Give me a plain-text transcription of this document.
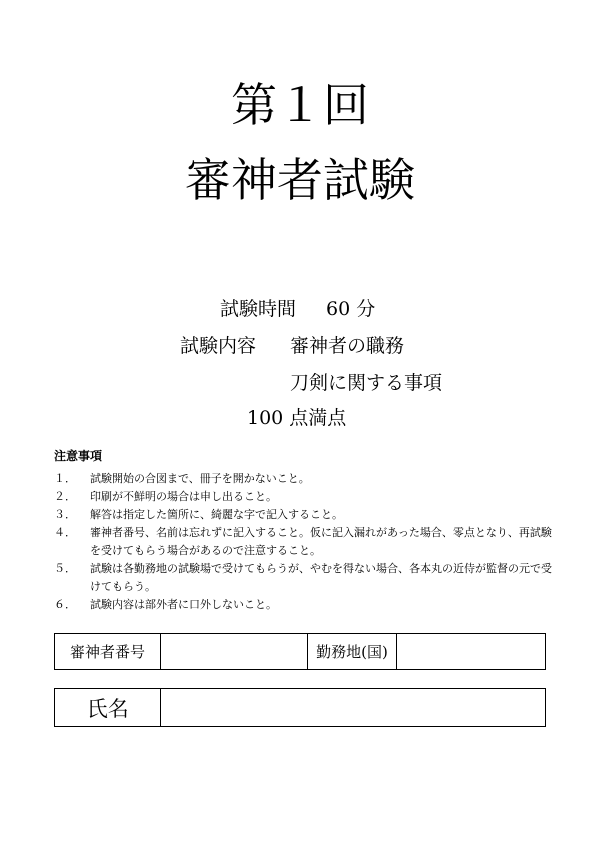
第１回
審神者試験
試験時間 60 分
試験内容 審神者の職務
刀剣に関する事項
100 点満点
注意事項
１．	試験開始の合図まで、冊子を開かないこと。
２．	印刷が不鮮明の場合は申し出ること。
３．	解答は指定した箇所に、綺麗な字で記入すること。
４．	審神者番号、名前は忘れずに記入すること。仮に記入漏れがあった場合、零点となり、再試験を受けてもらう場合があるので注意すること。
５．	試験は各勤務地の試験場で受けてもらうが、やむを得ない場合、各本丸の近侍が監督の元で受けてもらう。
６．	試験内容は部外者に口外しないこと。
審神者番号		勤務地(国)	
氏名	
